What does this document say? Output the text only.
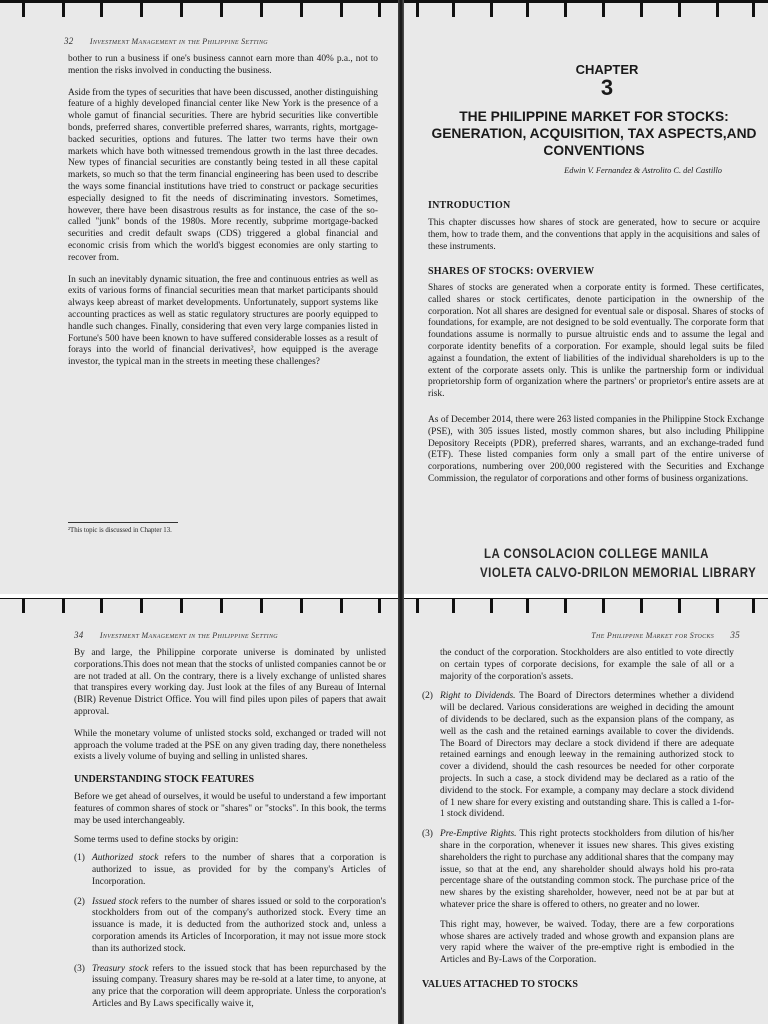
32 Investment Management in the Philippine Setting

bother to run a business if one's business cannot earn more than 40% p.a., not to mention the risks involved in conducting the business.

Aside from the types of securities that have been discussed, another distinguishing feature of a highly developed financial center like New York is the presence of a whole gamut of financial securities. There are hybrid securities like convertible bonds, preferred shares, convertible preferred shares, warrants, rights, mortgage-backed securities, options and futures. The latter two terms have their own markets which have both witnessed tremendous growth in the last three decades. New types of financial securities are constantly being tested in all these capital markets, so much so that the term financial engineering has been used to describe the ways some financial institutions have tried to construct or package securities especially designed to fit the needs of discriminating investors. Sometimes, however, there have been disastrous results as for instance, the case of the so-called "junk" bonds of the 1980s. More recently, subprime mortgage-backed securities and credit default swaps (CDS) triggered a global financial and economic crisis from which the world's biggest economies are only starting to recover from.

In such an inevitably dynamic situation, the free and continuous entries as well as exits of various forms of financial securities mean that market participants should always keep abreast of market developments. Unfortunately, support systems like accounting practices as well as static regulatory structures are poorly equipped to handle such changes. Finally, considering that even very large companies listed in Fortune's 500 have been known to have suffered considerable losses as a result of forays into the world of financial derivatives², how equipped is the average investor, the typical man in the streets in meeting these challenges?

²This topic is discussed in Chapter 13.
CHAPTER
3
THE PHILIPPINE MARKET FOR STOCKS: GENERATION, ACQUISITION, TAX ASPECTS,AND CONVENTIONS
Edwin V. Fernandez & Astrolito C. del Castillo
INTRODUCTION

This chapter discusses how shares of stock are generated, how to secure or acquire them, how to trade them, and the conventions that apply in the acquisitions and sales of these instruments.

SHARES OF STOCKS: OVERVIEW

Shares of stocks are generated when a corporate entity is formed. These certificates, called shares or stock certificates, denote participation in the ownership of the corporation. Not all shares are designed for eventual sale or disposal. Shares of stocks of foundations, for example, are not designed to be sold eventually. The corporate form that foundations assume is normally to pursue altruistic ends and to assume the legal and corporate identity benefits of a corporation. For example, should legal suits be filed against a foundation, the extent of liabilities of the individual shareholders is up to the extent of the corporate assets only. This is unlike the partnership form or individual proprietorship form of organization where the partners' or proprietor's entire assets are at risk.

As of December 2014, there were 263 listed companies in the Philippine Stock Exchange (PSE), with 305 issues listed, mostly common shares, but also including Philippine Depository Receipts (PDR), preferred shares, warrants, and an exchange-traded fund (ETF). These listed companies form only a small part of the entire universe of corporations, numbering over 200,000 registered with the Securities and Exchange Commission, the regulator of corporations and other forms of business organizations.

LA CONSOLACION COLLEGE MANILA
VIOLETA CALVO-DRILON MEMORIAL LIBRARY
34 Investment Management in the Philippine Setting

By and large, the Philippine corporate universe is dominated by unlisted corporations.This does not mean that the stocks of unlisted companies cannot be or are not traded at all. On the contrary, there is a lively exchange of unlisted shares that transpires every working day. Just look at the files of any Bureau of Internal (BIR) Revenue District Office. You will find piles upon piles of papers that await approval.

While the monetary volume of unlisted stocks sold, exchanged or traded will not approach the volume traded at the PSE on any given trading day, there nonetheless exists a lively volume of buying and selling in unlisted shares.

UNDERSTANDING STOCK FEATURES

Before we get ahead of ourselves, it would be useful to understand a few important features of common shares of stock or "shares" or "stocks". In this book, the terms may be used interchangeably.

Some terms used to define stocks by origin:

(1) Authorized stock refers to the number of shares that a corporation is authorized to issue, as provided for by the company's Articles of Incorporation.
(2) Issued stock refers to the number of shares issued or sold to the corporation's stockholders from out of the company's authorized stock. Every time an issuance is made, it is deducted from the authorized stock and, unless a corporation amends its Articles of Incorporation, it may not issue more stock than its authorized stock.
(3) Treasury stock refers to the issued stock that has been repurchased by the issuing company. Treasury shares may be re-sold at a later time, to anyone, at any price that the corporation will deem appropriate. Unless the corporation's Articles and By Laws specifically waive it,
The Philippine Market for Stocks 35

the conduct of the corporation. Stockholders are also entitled to vote directly on certain types of corporate decisions, for example the sale of all or a majority of the corporation's assets.

(2) Right to Dividends. The Board of Directors determines whether a dividend will be declared. Various considerations are weighed in deciding the amount of dividends to be declared, such as the expansion plans of the company, as well as the cash and the retained earnings available to cover the dividends. The Board of Directors may declare a stock dividend if there are adequate retained earnings and enough leeway in the remaining authorized stock to cover a dividend, should the cash resources be needed for other corporate projects. In such a case, a stock dividend may be declared as a ratio of the dividend to the stock. For example, a company may declare a stock dividend of 1 new share for every existing and outstanding share. This is called a 1-for-1 stock dividend.
(3) Pre-Emptive Rights. This right protects stockholders from dilution of his/her share in the corporation, whenever it issues new shares. This gives existing shareholders the right to purchase any additional shares that the company may issue, so that at the end, any shareholder should always hold his pro-rata percentage share of the outstanding common stock. The purchase price of the new shares by the existing shareholder, however, need not be at par but at whatever price the share is offered to others, no greater and no lower.

This right may, however, be waived. Today, there are a few corporations whose shares are actively traded and whose growth and expansion plans are very rapid where the waiver of the pre-emptive right is embodied in the Articles and By-Laws of the Corporation.

VALUES ATTACHED TO STOCKS
